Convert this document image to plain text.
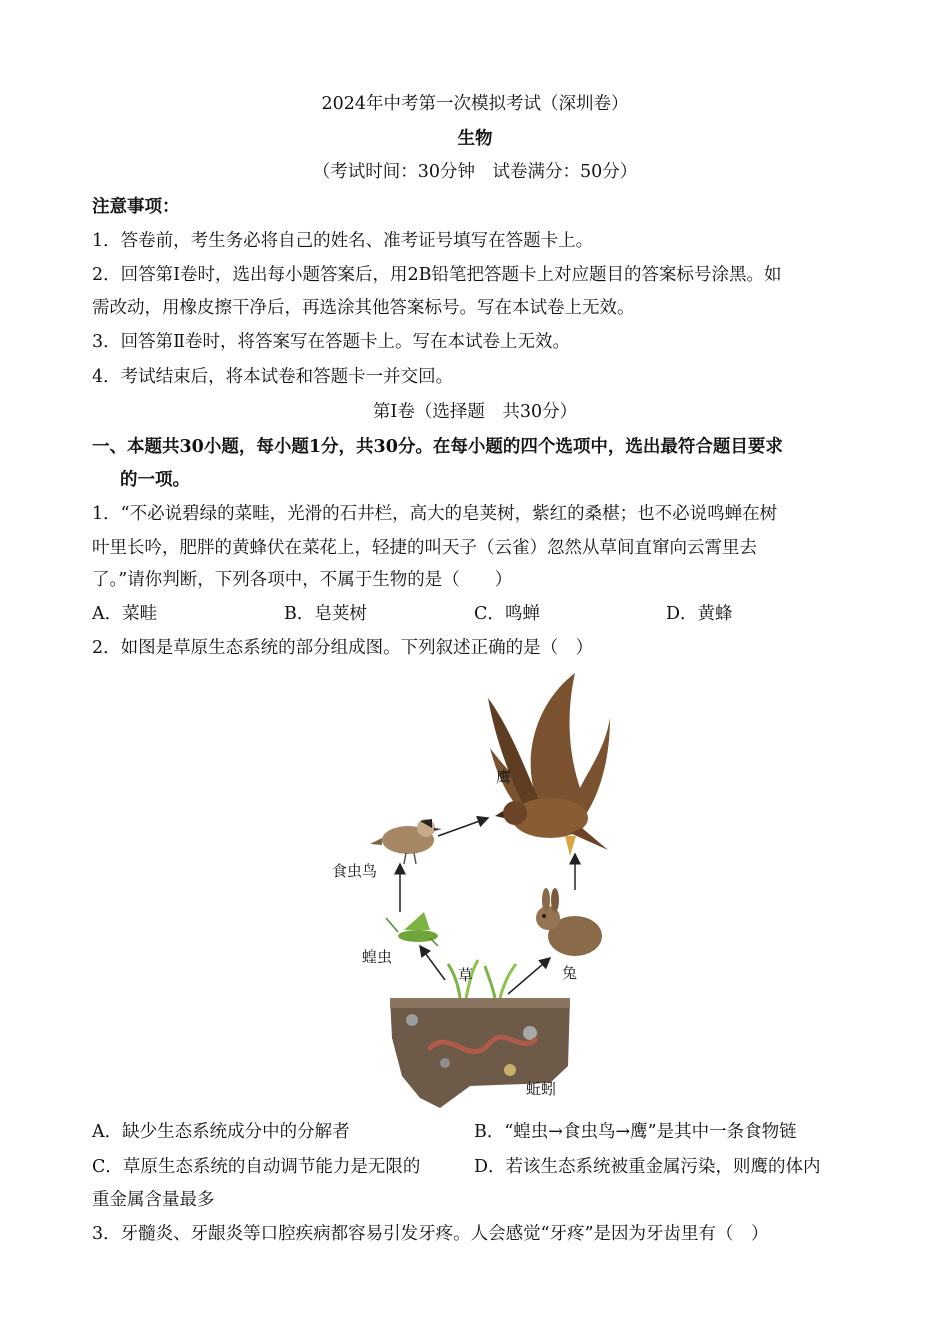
2024年中考第一次模拟考试（深圳卷）
生物
（考试时间：30分钟　试卷满分：50分）
注意事项：
1．答卷前，考生务必将自己的姓名、准考证号填写在答题卡上。
2．回答第Ⅰ卷时，选出每小题答案后，用2B铅笔把答题卡上对应题目的答案标号涂黑。如
需改动，用橡皮擦干净后，再选涂其他答案标号。写在本试卷上无效。
3．回答第Ⅱ卷时，将答案写在答题卡上。写在本试卷上无效。
4．考试结束后，将本试卷和答题卡一并交回。
第Ⅰ卷（选择题　共30分）
一、本题共30小题，每小题1分，共30分。在每小题的四个选项中，选出最符合题目要求
的一项。
1．“不必说碧绿的菜畦，光滑的石井栏，高大的皂荚树，紫红的桑椹；也不必说鸣蝉在树
叶里长吟，肥胖的黄蜂伏在菜花上，轻捷的叫天子（云雀）忽然从草间直窜向云霄里去
了。”请你判断，下列各项中，不属于生物的是（　　）
A．菜畦	B．皂荚树	C．鸣蝉	D．黄蜂
2．如图是草原生态系统的部分组成图。下列叙述正确的是（　）
鹰
食虫鸟
蝗虫
草	兔
蚯蚓
A．缺少生态系统成分中的分解者	B．“蝗虫→食虫鸟→鹰”是其中一条食物链
C．草原生态系统的自动调节能力是无限的	D．若该生态系统被重金属污染，则鹰的体内
重金属含量最多
3．牙髓炎、牙龈炎等口腔疾病都容易引发牙疼。人会感觉“牙疼”是因为牙齿里有（　）
